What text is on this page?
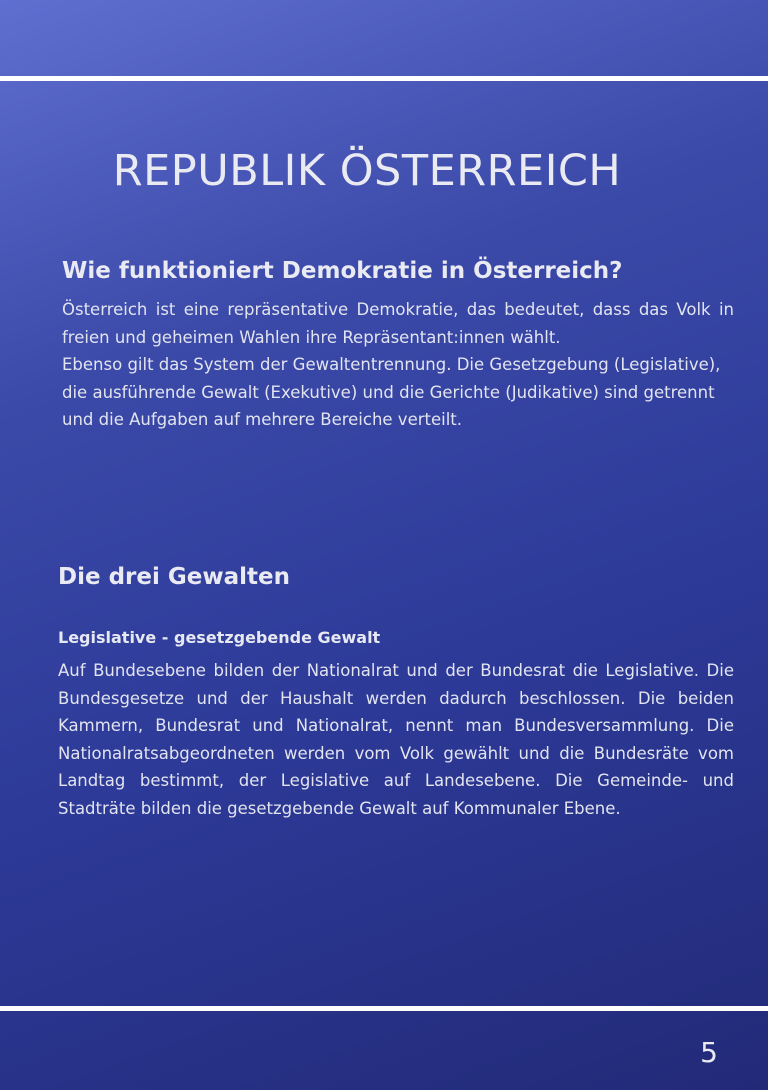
REPUBLIK ÖSTERREICH
Wie funktioniert Demokratie in Österreich?

Österreich ist eine repräsentative Demokratie, das bedeutet, dass das Volk in freien und geheimen Wahlen ihre Repräsentant:innen wählt.

Ebenso gilt das System der Gewaltentrennung. Die Gesetzgebung (Legislative), die ausführende Gewalt (Exekutive) und die Gerichte (Judikative) sind getrennt und die Aufgaben auf mehrere Bereiche verteilt.

Die drei Gewalten
Legislative - gesetzgebende Gewalt

Auf Bundesebene bilden der Nationalrat und der Bundesrat die Legislative. Die Bundesgesetze und der Haushalt werden dadurch beschlossen. Die beiden Kammern, Bundesrat und Nationalrat, nennt man Bundesversammlung. Die Nationalratsabgeordneten werden vom Volk gewählt und die Bundesräte vom Landtag bestimmt, der Legislative auf Landesebene. Die Gemeinde- und Stadträte bilden die gesetzgebende Gewalt auf Kommunaler Ebene.

5
